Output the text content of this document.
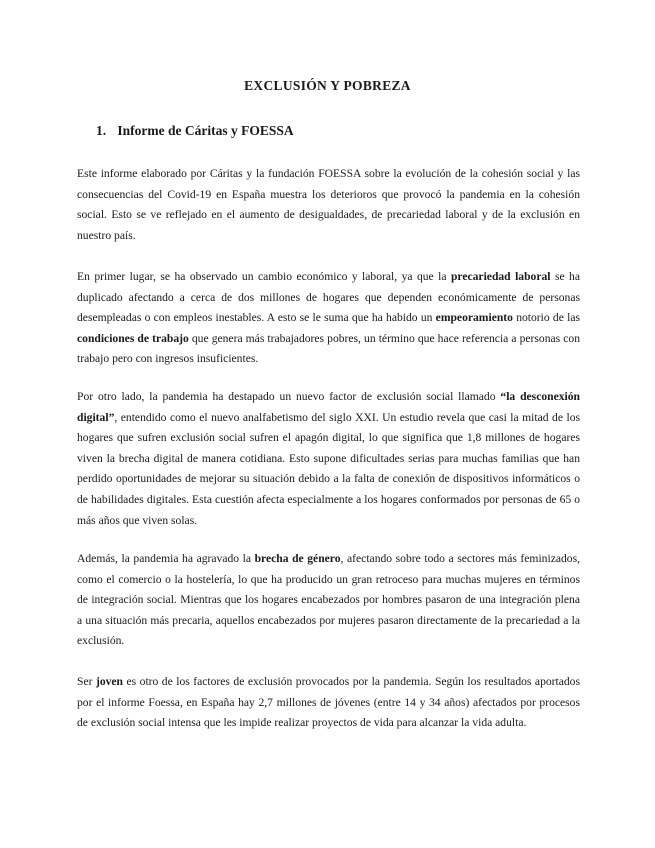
EXCLUSIÓN Y POBREZA
1. Informe de Cáritas y FOESSA

Este informe elaborado por Cáritas y la fundación FOESSA sobre la evolución de la cohesión social y las consecuencias del Covid-19 en España muestra los deterioros que provocó la pandemia en la cohesión social. Esto se ve reflejado en el aumento de desigualdades, de precariedad laboral y de la exclusión en nuestro país.

En primer lugar, se ha observado un cambio económico y laboral, ya que la precariedad laboral se ha duplicado afectando a cerca de dos millones de hogares que dependen económicamente de personas desempleadas o con empleos inestables. A esto se le suma que ha habido un empeoramiento notorio de las condiciones de trabajo que genera más trabajadores pobres, un término que hace referencia a personas con trabajo pero con ingresos insuficientes.

Por otro lado, la pandemia ha destapado un nuevo factor de exclusión social llamado “la desconexión digital”, entendido como el nuevo analfabetismo del siglo XXI. Un estudio revela que casi la mitad de los hogares que sufren exclusión social sufren el apagón digital, lo que significa que 1,8 millones de hogares viven la brecha digital de manera cotidiana. Esto supone dificultades serias para muchas familias que han perdido oportunidades de mejorar su situación debido a la falta de conexión de dispositivos informáticos o de habilidades digitales. Esta cuestión afecta especialmente a los hogares conformados por personas de 65 o más años que viven solas.

Además, la pandemia ha agravado la brecha de género, afectando sobre todo a sectores más feminizados, como el comercio o la hostelería, lo que ha producido un gran retroceso para muchas mujeres en términos de integración social. Mientras que los hogares encabezados por hombres pasaron de una integración plena a una situación más precaria, aquellos encabezados por mujeres pasaron directamente de la precariedad a la exclusión.

Ser joven es otro de los factores de exclusión provocados por la pandemia. Según los resultados aportados por el informe Foessa, en España hay 2,7 millones de jóvenes (entre 14 y 34 años) afectados por procesos de exclusión social intensa que les impide realizar proyectos de vida para alcanzar la vida adulta.
